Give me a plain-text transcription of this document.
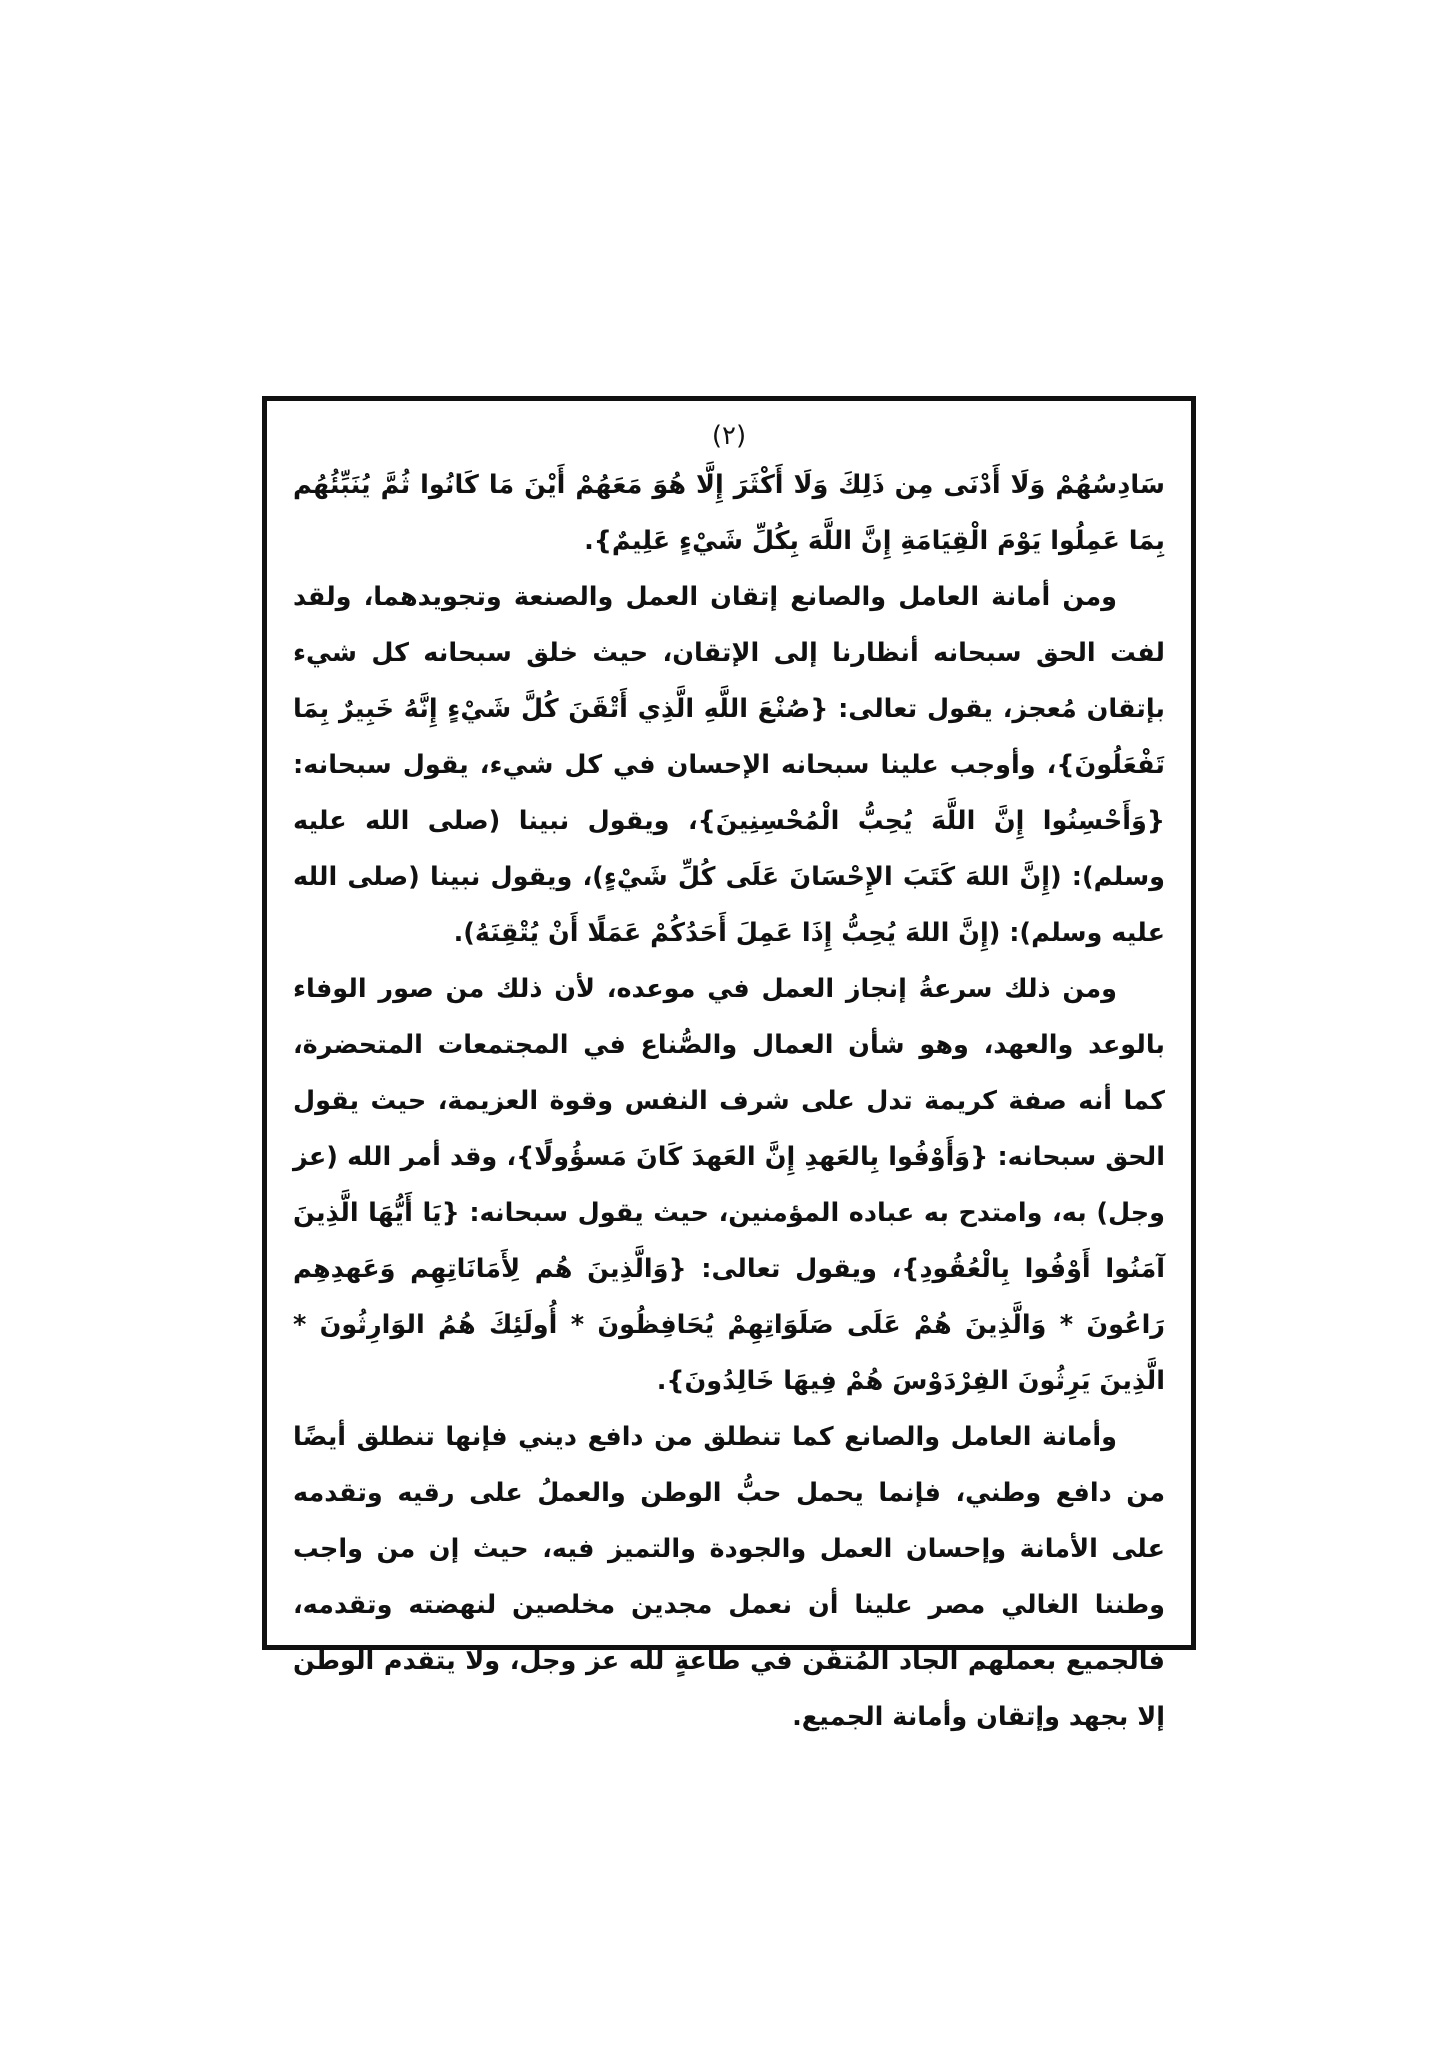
(٢)

سَادِسُهُمْ وَلَا أَدْنَى مِن ذَلِكَ وَلَا أَكْثَرَ إِلَّا هُوَ مَعَهُمْ أَيْنَ مَا كَانُوا ثُمَّ يُنَبِّئُهُم بِمَا عَمِلُوا يَوْمَ الْقِيَامَةِ إِنَّ اللَّهَ بِكُلِّ شَيْءٍ عَلِيمٌ}.

ومن أمانة العامل والصانع إتقان العمل والصنعة وتجويدهما، ولقد لفت الحق سبحانه أنظارنا إلى الإتقان، حيث خلق سبحانه كل شيء بإتقان مُعجز، يقول تعالى: {صُنْعَ اللَّهِ الَّذِي أَتْقَنَ كُلَّ شَيْءٍ إِنَّهُ خَبِيرٌ بِمَا تَفْعَلُونَ}، وأوجب علينا سبحانه الإحسان في كل شيء، يقول سبحانه: {وَأَحْسِنُوا إِنَّ اللَّهَ يُحِبُّ الْمُحْسِنِينَ}، ويقول نبينا (صلى الله عليه وسلم): (إِنَّ اللهَ كَتَبَ الإِحْسَانَ عَلَى كُلِّ شَيْءٍ)، ويقول نبينا (صلى الله عليه وسلم): (إِنَّ اللهَ يُحِبُّ إِذَا عَمِلَ أَحَدُكُمْ عَمَلًا أَنْ يُتْقِنَهُ).

ومن ذلك سرعةُ إنجاز العمل في موعده، لأن ذلك من صور الوفاء بالوعد والعهد، وهو شأن العمال والصُّناع في المجتمعات المتحضرة، كما أنه صفة كريمة تدل على شرف النفس وقوة العزيمة، حيث يقول الحق سبحانه: {وَأَوْفُوا بِالعَهدِ إِنَّ العَهدَ كَانَ مَسؤُولًا}، وقد أمر الله (عز وجل) به، وامتدح به عباده المؤمنين، حيث يقول سبحانه: {يَا أَيُّهَا الَّذِينَ آمَنُوا أَوْفُوا بِالْعُقُودِ}، ويقول تعالى: {وَالَّذِينَ هُم لِأَمَانَاتِهِم وَعَهدِهِم رَاعُونَ * وَالَّذِينَ هُمْ عَلَى صَلَوَاتِهِمْ يُحَافِظُونَ * أُولَئِكَ هُمُ الوَارِثُونَ * الَّذِينَ يَرِثُونَ الفِرْدَوْسَ هُمْ فِيهَا خَالِدُونَ}.

وأمانة العامل والصانع كما تنطلق من دافع ديني فإنها تنطلق أيضًا من دافع وطني، فإنما يحمل حبُّ الوطن والعملُ على رقيه وتقدمه على الأمانة وإحسان العمل والجودة والتميز فيه، حيث إن من واجب وطننا الغالي مصر علينا أن نعمل مجدين مخلصين لنهضته وتقدمه، فالجميع بعملهم الجاد المُتقَن في طاعةٍ لله عز وجل، ولا يتقدم الوطن إلا بجهد وإتقان وأمانة الجميع.
